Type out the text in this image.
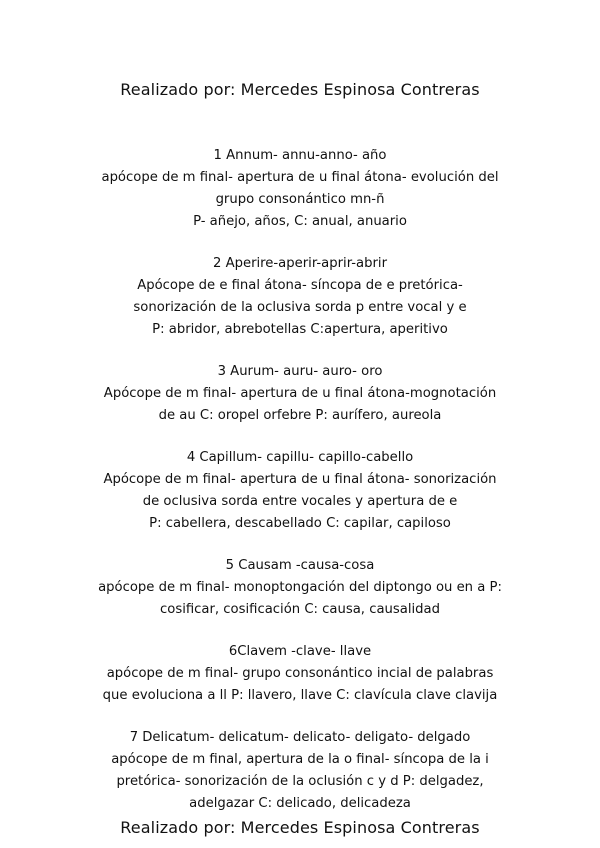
Realizado por: Mercedes Espinosa Contreras
1 Annum- annu-anno- año
apócope de m final- apertura de u final átona- evolución del
grupo consonántico mn-ñ
P- añejo, años, C: anual, anuario
2 Aperire-aperir-aprir-abrir
Apócope de e final átona- síncopa de e pretórica-
sonorización de la oclusiva sorda p entre vocal y e
P: abridor, abrebotellas C:apertura, aperitivo
3 Aurum- auru- auro- oro
Apócope de m final- apertura de u final átona-mognotación
de au C: oropel orfebre P: aurífero, aureola
4 Capillum- capillu- capillo-cabello
Apócope de m final- apertura de u final átona- sonorización
de oclusiva sorda entre vocales y apertura de e
P: cabellera, descabellado C: capilar, capiloso
5 Causam -causa-cosa
apócope de m final- monoptongación del diptongo ou en a P:
cosificar, cosificación C: causa, causalidad
6Clavem -clave- llave
apócope de m final- grupo consonántico incial de palabras
que evoluciona a ll P: llavero, llave C: clavícula clave clavija
7 Delicatum- delicatum- delicato- deligato- delgado
apócope de m final, apertura de la o final- síncopa de la i
pretórica- sonorización de la oclusión c y d P: delgadez,
adelgazar C: delicado, delicadeza
Realizado por: Mercedes Espinosa Contreras
